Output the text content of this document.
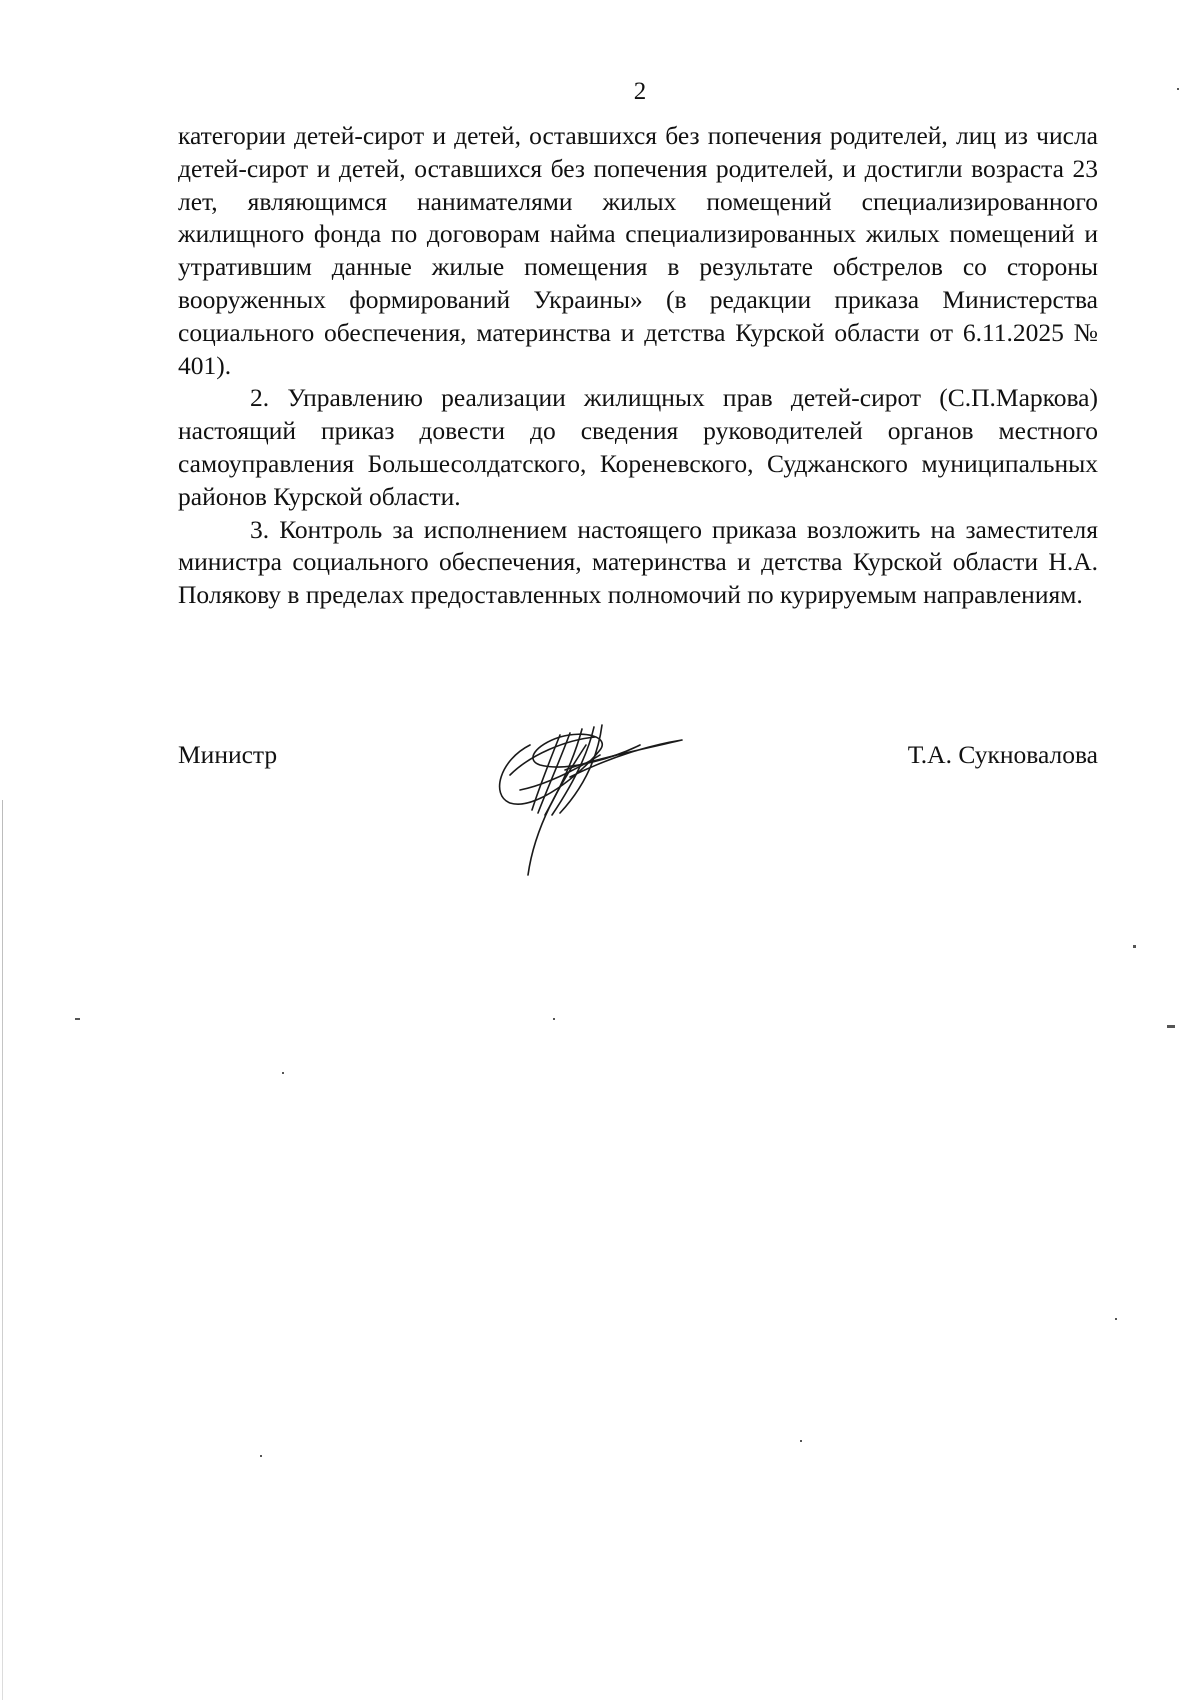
2

категории детей-сирот и детей, оставшихся без попечения родителей, лиц из числа детей-сирот и детей, оставшихся без попечения родителей, и достигли возраста 23 лет, являющимся нанимателями жилых помещений специализированного жилищного фонда по договорам найма специализированных жилых помещений и утратившим данные жилые помещения в результате обстрелов со стороны вооруженных формирований Украины» (в редакции приказа Министерства социального обеспечения, материнства и детства Курской области от 6.11.2025 № 401).

2. Управлению реализации жилищных прав детей-сирот (С.П.Маркова) настоящий приказ довести до сведения руководителей органов местного самоуправления Большесолдатского, Кореневского, Суджанского муниципальных районов Курской области.

3. Контроль за исполнением настоящего приказа возложить на заместителя министра социального обеспечения, материнства и детства Курской области Н.А. Полякову в пределах предоставленных полномочий по курируемым направлениям.

Министр	Т.А. Сукновалова
